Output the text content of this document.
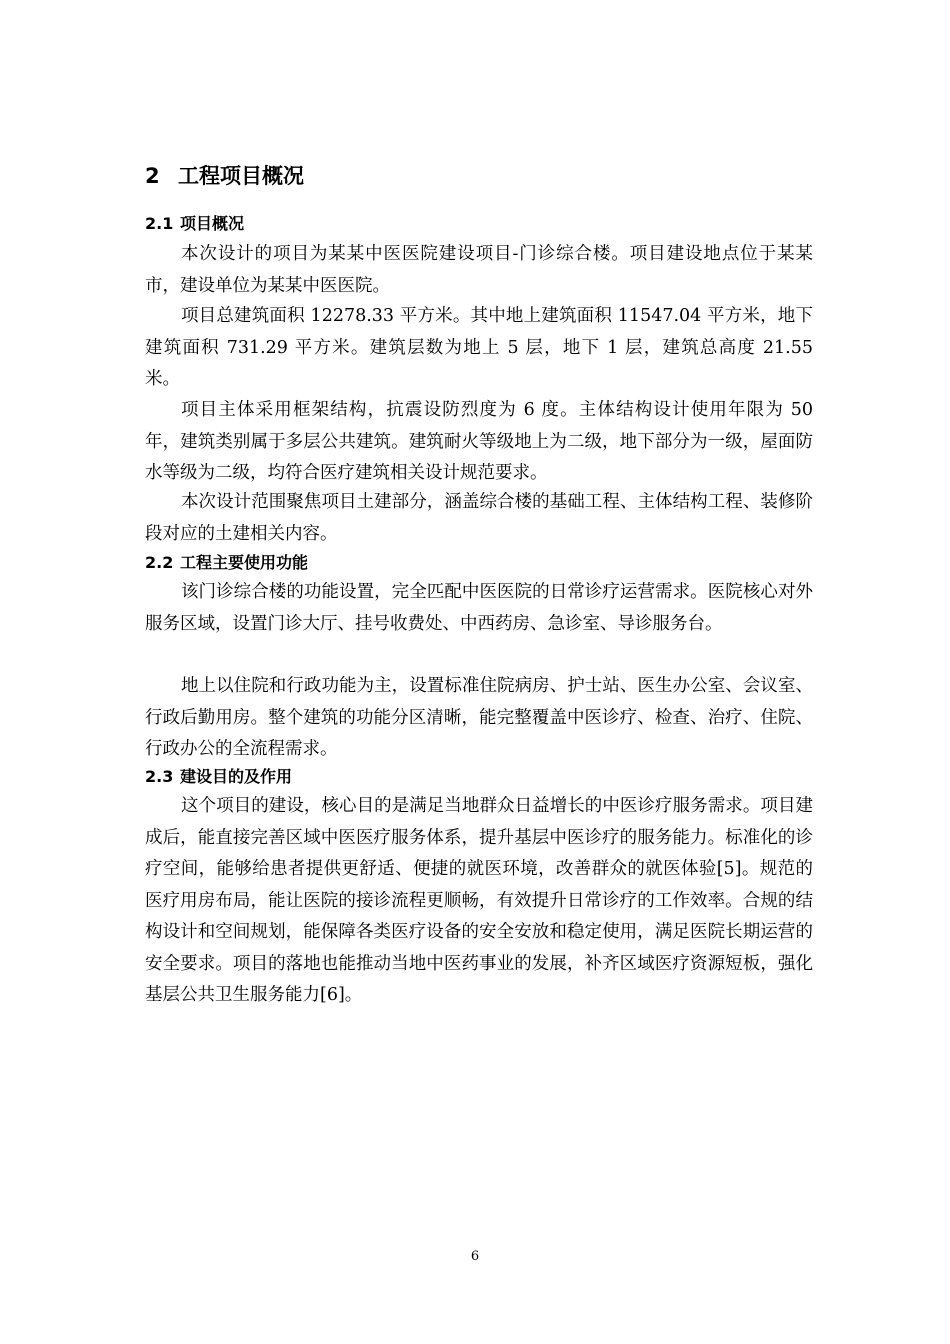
2 工程项目概况
2.1 项目概况

本次设计的项目为某某中医医院建设项目-门诊综合楼。项目建设地点位于某某市，建设单位为某某中医医院。

项目总建筑面积 12278.33 平方米。其中地上建筑面积 11547.04 平方米，地下建筑面积 731.29 平方米。建筑层数为地上 5 层，地下 1 层，建筑总高度 21.55 米。

项目主体采用框架结构，抗震设防烈度为 6 度。主体结构设计使用年限为 50 年，建筑类别属于多层公共建筑。建筑耐火等级地上为二级，地下部分为一级，屋面防水等级为二级，均符合医疗建筑相关设计规范要求。

本次设计范围聚焦项目土建部分，涵盖综合楼的基础工程、主体结构工程、装修阶段对应的土建相关内容。

2.2 工程主要使用功能

该门诊综合楼的功能设置，完全匹配中医医院的日常诊疗运营需求。医院核心对外服务区域，设置门诊大厅、挂号收费处、中西药房、急诊室、导诊服务台。

地上以住院和行政功能为主，设置标准住院病房、护士站、医生办公室、会议室、行政后勤用房。整个建筑的功能分区清晰，能完整覆盖中医诊疗、检查、治疗、住院、行政办公的全流程需求。

2.3 建设目的及作用

这个项目的建设，核心目的是满足当地群众日益增长的中医诊疗服务需求。项目建成后，能直接完善区域中医医疗服务体系，提升基层中医诊疗的服务能力。标准化的诊疗空间，能够给患者提供更舒适、便捷的就医环境，改善群众的就医体验[5]。规范的医疗用房布局，能让医院的接诊流程更顺畅，有效提升日常诊疗的工作效率。合规的结构设计和空间规划，能保障各类医疗设备的安全安放和稳定使用，满足医院长期运营的安全要求。项目的落地也能推动当地中医药事业的发展，补齐区域医疗资源短板，强化基层公共卫生服务能力[6]。

6
